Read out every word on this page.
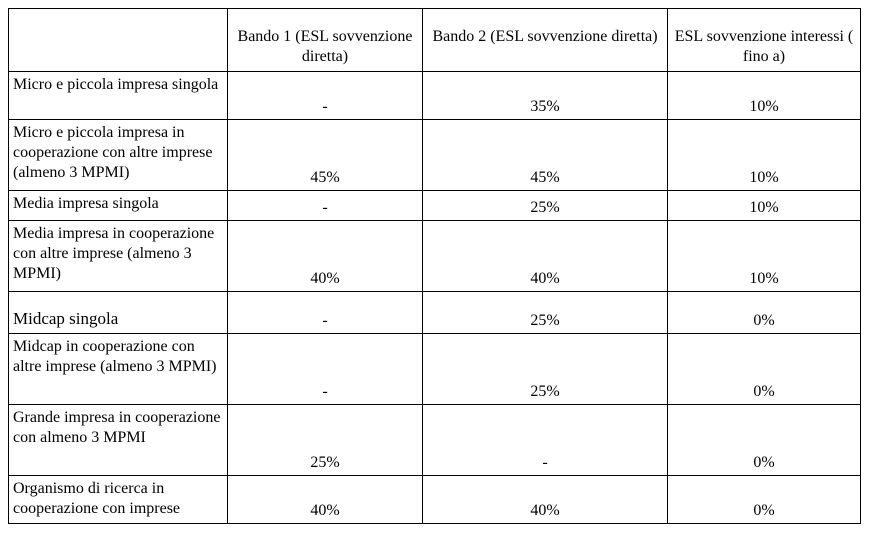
	Bando 1 (ESL sovvenzione diretta)	Bando 2 (ESL sovvenzione diretta)	ESL sovvenzione interessi ( fino a)
Micro e piccola impresa singola	-	35%	10%
Micro e piccola impresa in cooperazione con altre imprese (almeno 3 MPMI)	45%	45%	10%
Media impresa singola	-	25%	10%
Media impresa in cooperazione con altre imprese (almeno 3 MPMI)	40%	40%	10%
Midcap singola	-	25%	0%
Midcap in cooperazione con altre imprese (almeno 3 MPMI)	-	25%	0%
Grande impresa in cooperazione con almeno 3 MPMI	25%	-	0%
Organismo di ricerca in cooperazione con imprese	40%	40%	0%
